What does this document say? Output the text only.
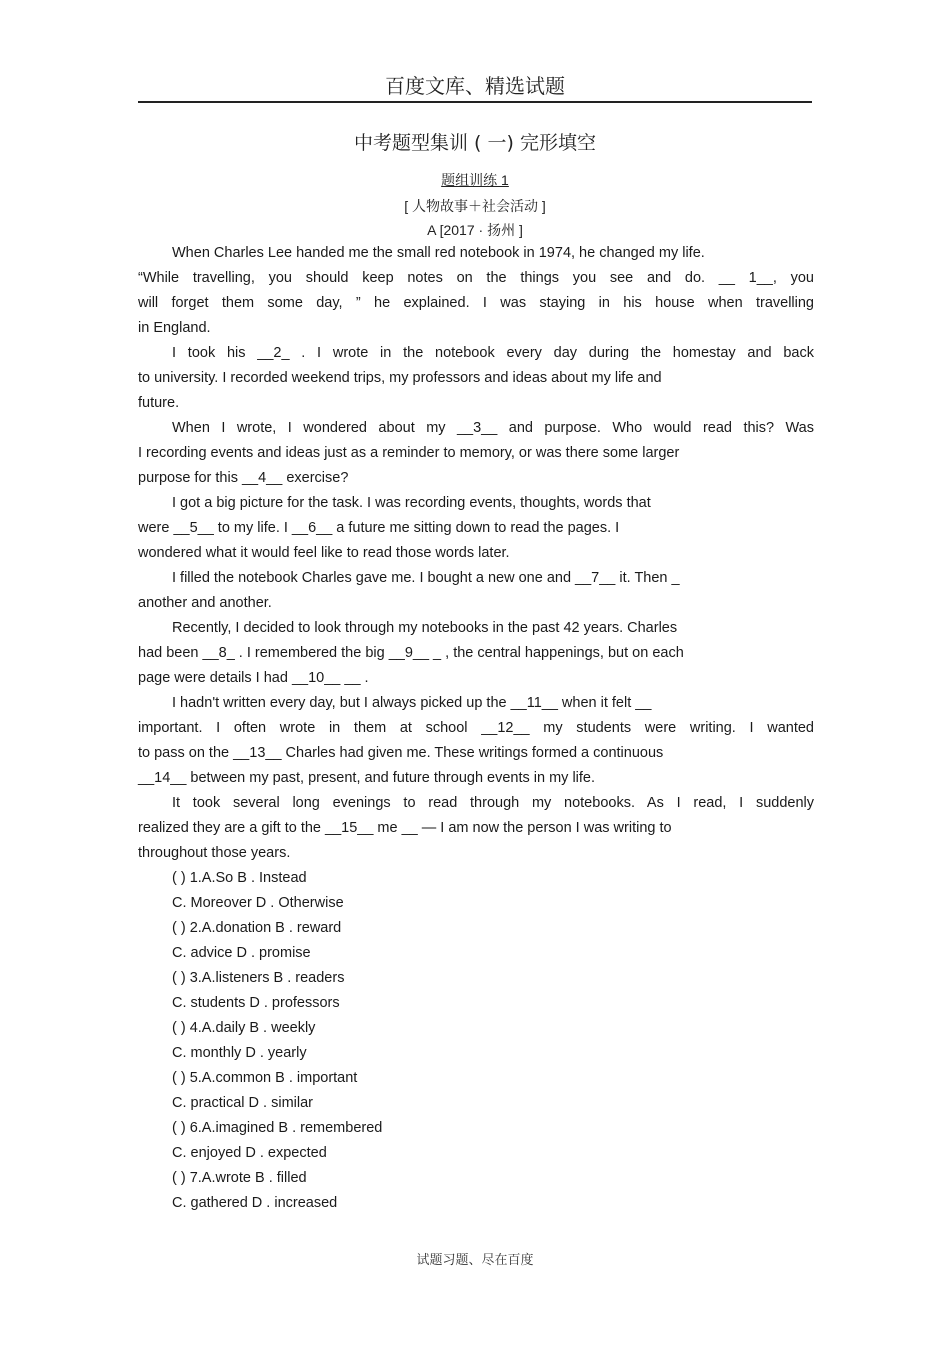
百度文库、精选试题
中考题型集训 ( 一) 完形填空
题组训练 1
[ 人物故事＋社会活动 ]
A [2017 · 扬州 ]
When Charles Lee handed me the small red notebook in 1974, he changed my life.
“While travelling, you should keep notes on the things you see and do. __ 1__, you
will forget them some day, ” he explained. I was staying in his house when travelling
in England.
I took his __2_ . I wrote in the notebook every day during the homestay and back
to university. I recorded weekend trips, my professors and ideas about my life and
future.
When I wrote, I wondered about my __3__ and purpose. Who would read this? Was
I recording events and ideas just as a reminder to memory, or was there some larger
purpose for this __4__ exercise?
I got a big picture for the task. I was recording events, thoughts, words that
were __5__ to my life. I __6__ a future me sitting down to read the pages. I
wondered what it would feel like to read those words later.
I filled the notebook Charles gave me. I bought a new one and __7__ it. Then _
another and another.
Recently, I decided to look through my notebooks in the past 42 years. Charles
had been __8_ . I remembered the big __9__ _ , the central happenings, but on each
page were details I had __10__ __ .
I hadn't written every day, but I always picked up the __11__ when it felt __
important. I often wrote in them at school __12__ my students were writing. I wanted
to pass on the __13__ Charles had given me. These writings formed a continuous
__14__ between my past, present, and future through events in my life.
It took several long evenings to read through my notebooks. As I read, I suddenly
realized they are a gift to the __15__ me __ — I am now the person I was writing to
throughout those years.
( ) 1.A.So B . Instead
C. Moreover D . Otherwise
( ) 2.A.donation B . reward
C. advice D . promise
( ) 3.A.listeners B . readers
C. students D . professors
( ) 4.A.daily B . weekly
C. monthly D . yearly
( ) 5.A.common B . important
C. practical D . similar
( ) 6.A.imagined B . remembered
C. enjoyed D . expected
( ) 7.A.wrote B . filled
C. gathered D . increased
试题习题、尽在百度
